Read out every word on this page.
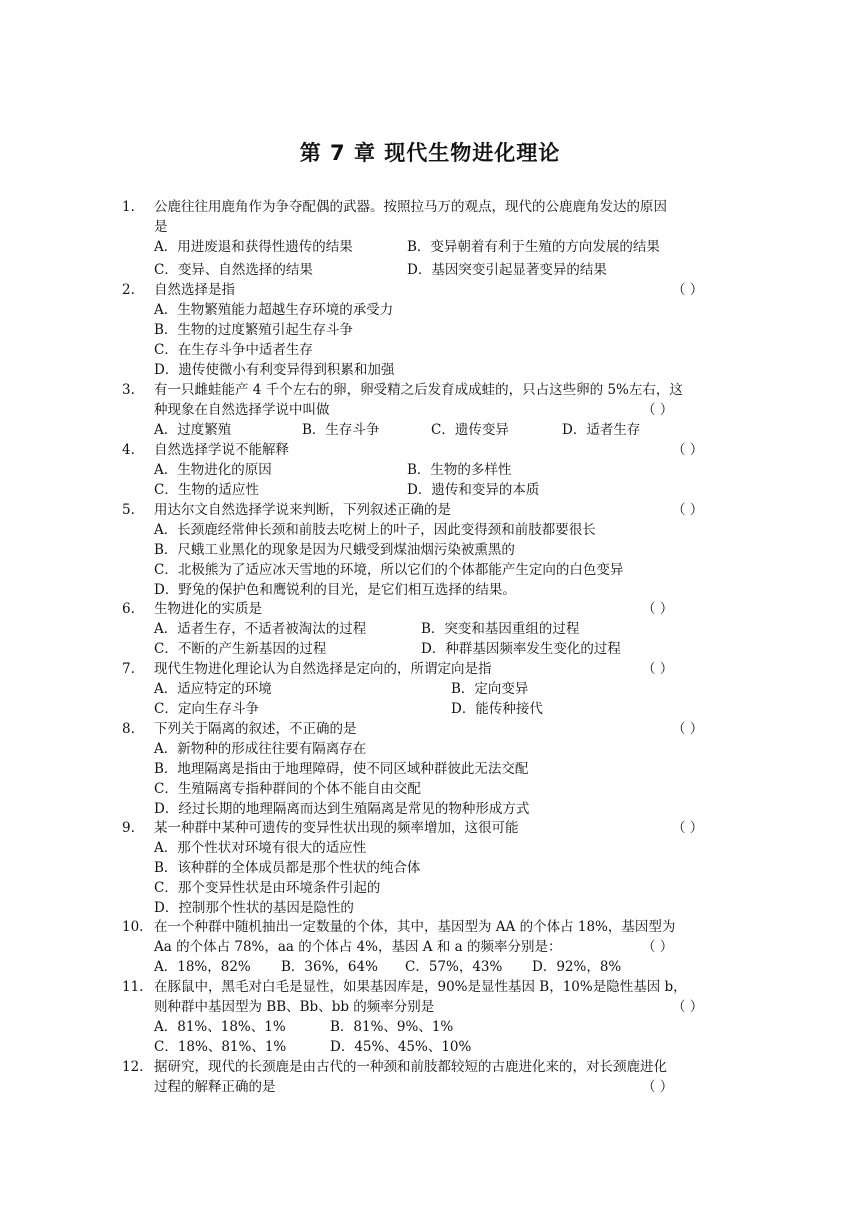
第 7 章 现代生物进化理论
1. 公鹿往往用鹿角作为争夺配偶的武器。按照拉马万的观点，现代的公鹿鹿角发达的原因
是
A．用进废退和获得性遗传的结果	B．变异朝着有利于生殖的方向发展的结果
C．变异、自然选择的结果	D．基因突变引起显著变异的结果
2. 自然选择是指	（ ）
A．生物繁殖能力超越生存环境的承受力
B．生物的过度繁殖引起生存斗争
C．在生存斗争中适者生存
D．遗传使微小有利变异得到积累和加强
3. 有一只雌蛙能产 4 千个左右的卵，卵受精之后发育成成蛙的，只占这些卵的 5%左右，这
种现象在自然选择学说中叫做	（ ）
A．过度繁殖	B．生存斗争	C．遗传变异	D．适者生存
4. 自然选择学说不能解释	（ ）
A．生物进化的原因	B．生物的多样性
C．生物的适应性	D．遗传和变异的本质
5. 用达尔文自然选择学说来判断，下列叙述正确的是	（ ）
A．长颈鹿经常伸长颈和前肢去吃树上的叶子，因此变得颈和前肢都要很长
B．尺蛾工业黑化的现象是因为尺蛾受到煤油烟污染被熏黑的
C．北极熊为了适应冰天雪地的环境，所以它们的个体都能产生定向的白色变异
D．野兔的保护色和鹰锐利的目光，是它们相互选择的结果。
6. 生物进化的实质是	（ ）
A．适者生存，不适者被淘汰的过程	B．突变和基因重组的过程
C．不断的产生新基因的过程	D．种群基因频率发生变化的过程
7. 现代生物进化理论认为自然选择是定向的，所谓定向是指	（ ）
A．适应特定的环境	B．定向变异
C．定向生存斗争	D．能传种接代
8. 下列关于隔离的叙述，不正确的是	（ ）
A．新物种的形成往往要有隔离存在
B．地理隔离是指由于地理障碍，使不同区域种群彼此无法交配
C．生殖隔离专指种群间的个体不能自由交配
D．经过长期的地理隔离而达到生殖隔离是常见的物种形成方式
9. 某一种群中某种可遗传的变异性状出现的频率增加，这很可能	（ ）
A．那个性状对环境有很大的适应性
B．该种群的全体成员都是那个性状的纯合体
C．那个变异性状是由环境条件引起的
D．控制那个性状的基因是隐性的
10. 在一个种群中随机抽出一定数量的个体，其中，基因型为 AA 的个体占 18%，基因型为
Aa 的个体占 78%，aa 的个体占 4%，基因 A 和 a 的频率分别是：	（ ）
A．18%，82% B．36%，64% C．57%，43% D．92%，8%
11. 在豚鼠中，黑毛对白毛是显性，如果基因库是，90%是显性基因 B，10%是隐性基因 b，
则种群中基因型为 BB、Bb、bb 的频率分别是	（ ）
A．81%、18%、1%	B．81%、9%、1%
C．18%、81%、1%	D．45%、45%、10%
12. 据研究，现代的长颈鹿是由古代的一种颈和前肢都较短的古鹿进化来的，对长颈鹿进化
过程的解释正确的是	（ ）
